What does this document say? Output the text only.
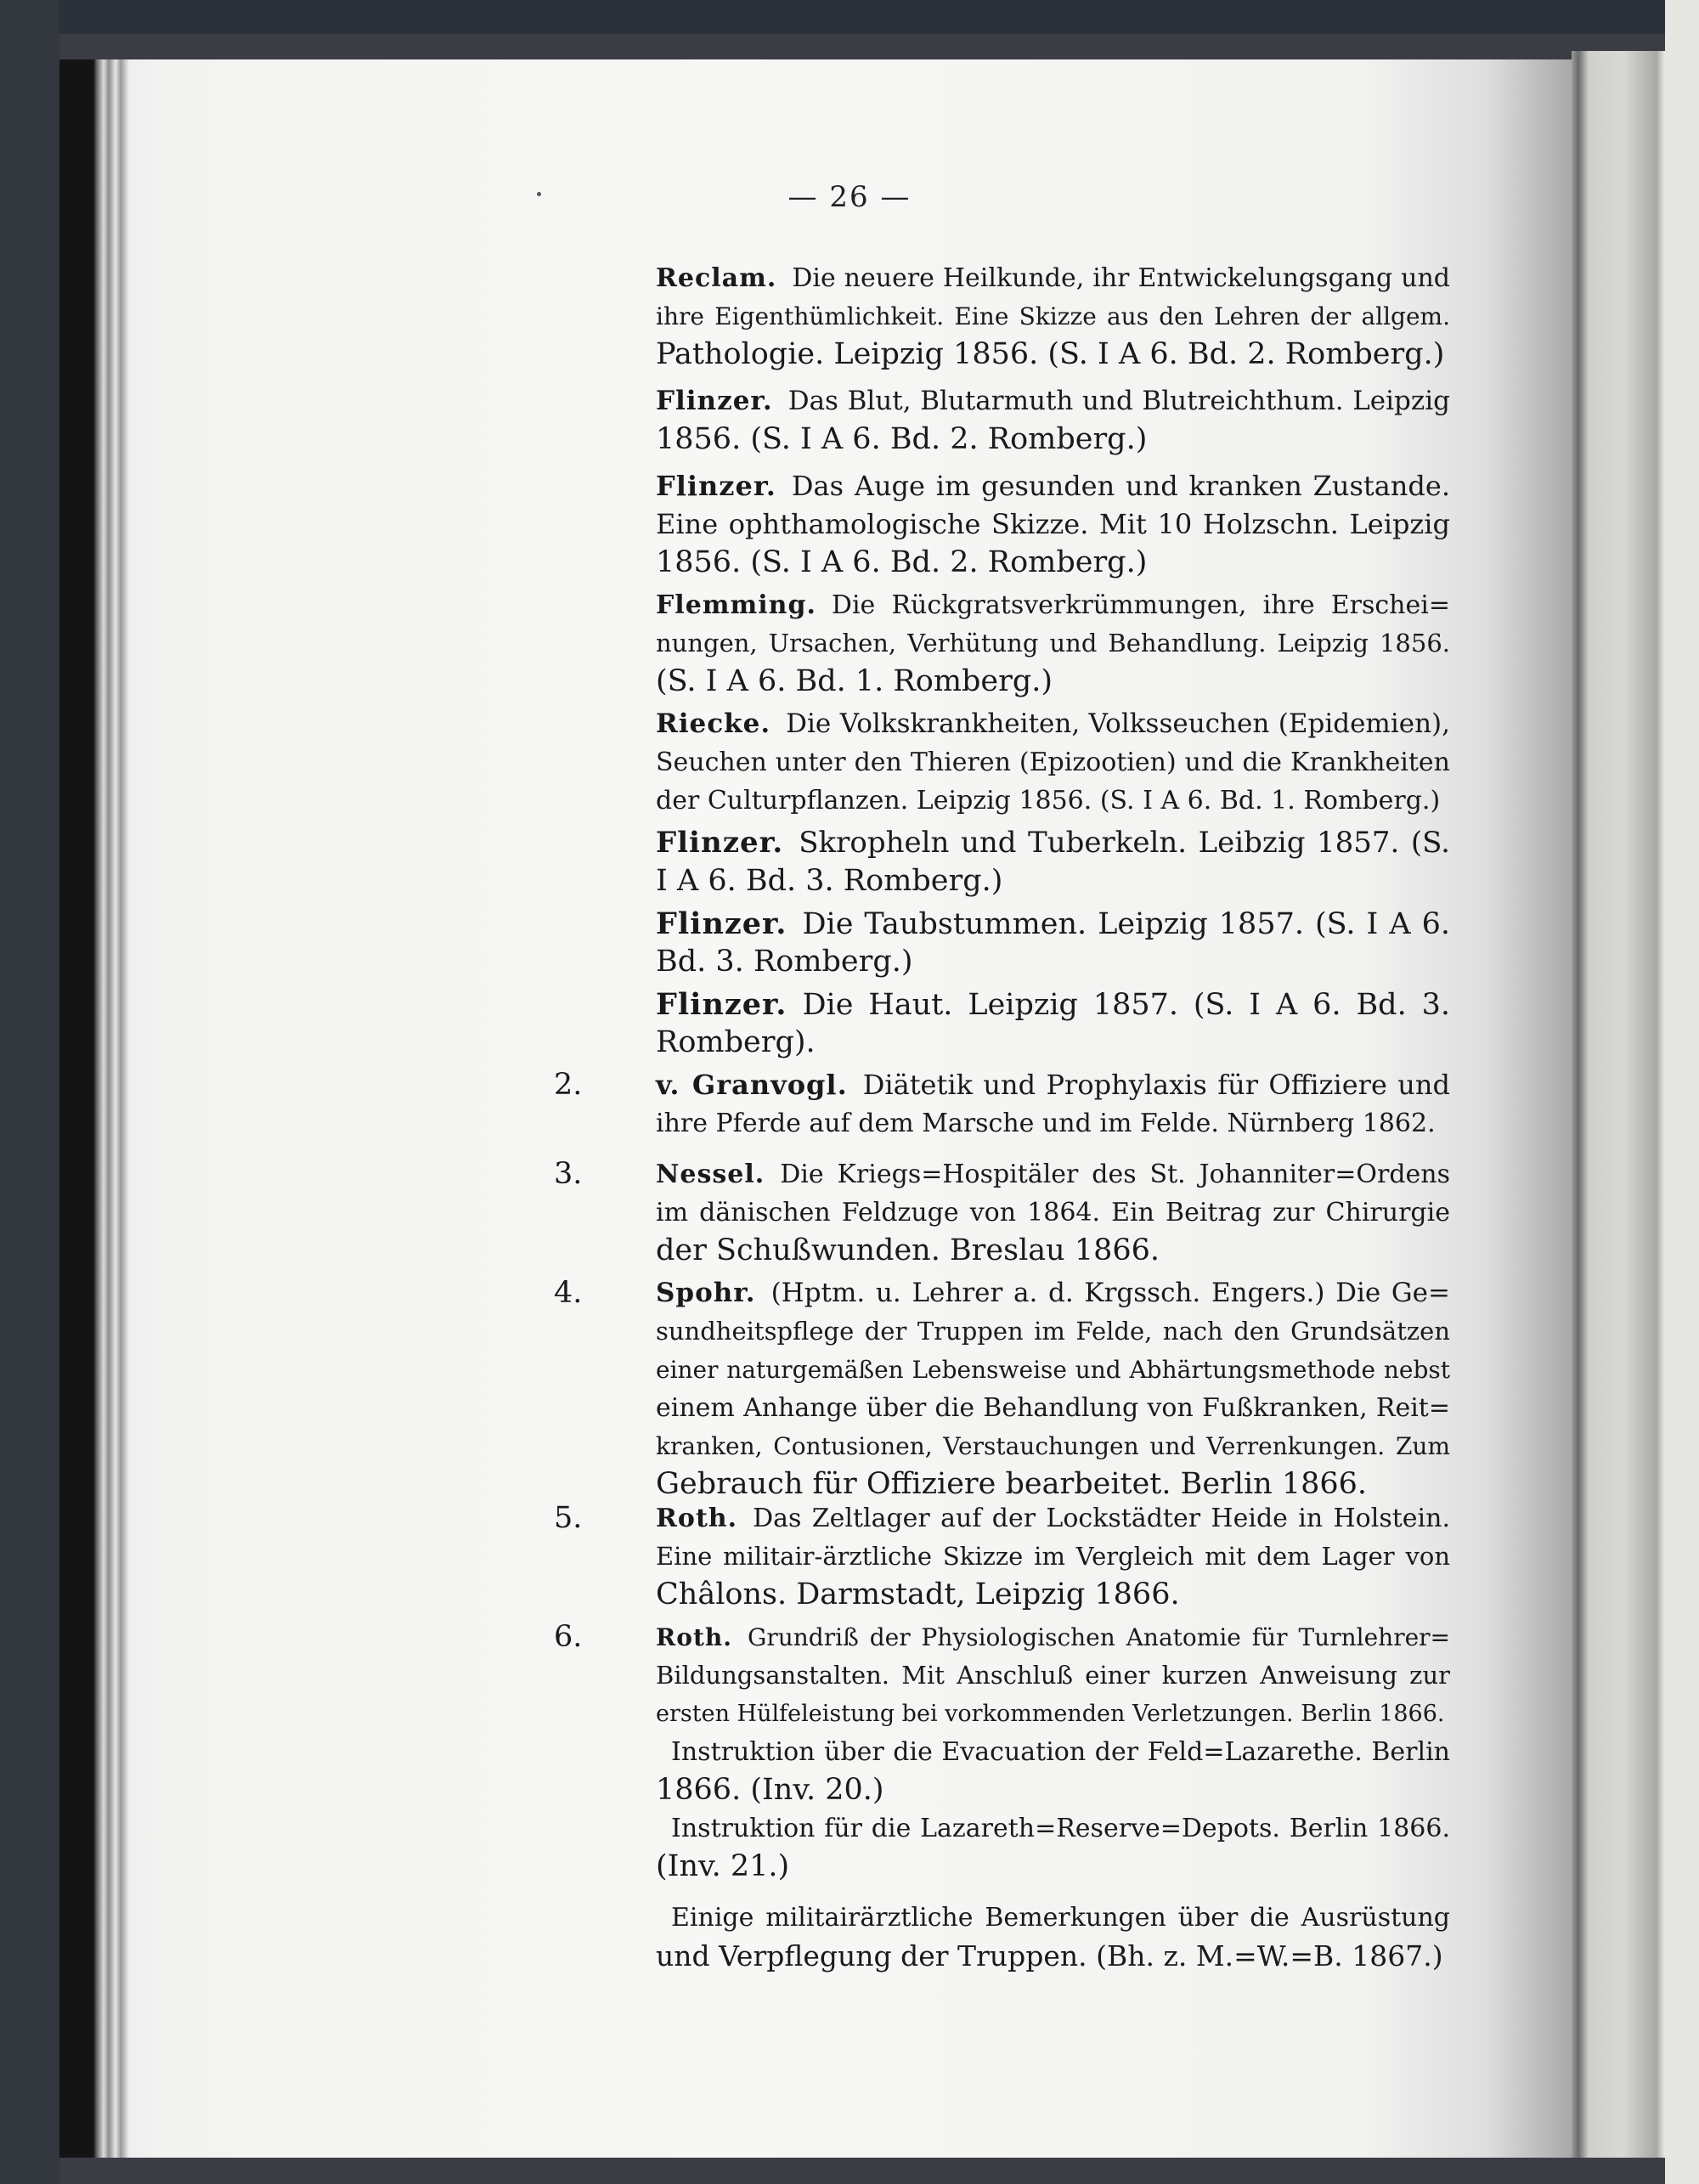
— 26 —
Reclam. Die neuere Heilkunde, ihr Entwickelungsgang und
ihre Eigenthümlichkeit. Eine Skizze aus den Lehren der allgem.
Pathologie. Leipzig 1856. (S. I A 6. Bd. 2. Romberg.)
Flinzer. Das Blut, Blutarmuth und Blutreichthum. Leipzig
1856. (S. I A 6. Bd. 2. Romberg.)
Flinzer. Das Auge im gesunden und kranken Zustande.
Eine ophthamologische Skizze. Mit 10 Holzschn. Leipzig
1856. (S. I A 6. Bd. 2. Romberg.)
Flemming. Die Rückgratsverkrümmungen, ihre Erschei=
nungen, Ursachen, Verhütung und Behandlung. Leipzig 1856.
(S. I A 6. Bd. 1. Romberg.)
Riecke. Die Volkskrankheiten, Volksseuchen (Epidemien),
Seuchen unter den Thieren (Epizootien) und die Krankheiten
der Culturpflanzen. Leipzig 1856. (S. I A 6. Bd. 1. Romberg.)
Flinzer. Skropheln und Tuberkeln. Leibzig 1857. (S.
I A 6. Bd. 3. Romberg.)
Flinzer. Die Taubstummen. Leipzig 1857. (S. I A 6.
Bd. 3. Romberg.)
Flinzer. Die Haut. Leipzig 1857. (S. I A 6. Bd. 3.
Romberg).
2.	v. Granvogl. Diätetik und Prophylaxis für Offiziere und
ihre Pferde auf dem Marsche und im Felde. Nürnberg 1862.
3.	Nessel. Die Kriegs=Hospitäler des St. Johanniter=Ordens
im dänischen Feldzuge von 1864. Ein Beitrag zur Chirurgie
der Schußwunden. Breslau 1866.
4.	Spohr. (Hptm. u. Lehrer a. d. Krgssch. Engers.) Die Ge=
sundheitspflege der Truppen im Felde, nach den Grundsätzen
einer naturgemäßen Lebensweise und Abhärtungsmethode nebst
einem Anhange über die Behandlung von Fußkranken, Reit=
kranken, Contusionen, Verstauchungen und Verrenkungen. Zum
Gebrauch für Offiziere bearbeitet. Berlin 1866.
5.	Roth. Das Zeltlager auf der Lockstädter Heide in Holstein.
Eine militair-ärztliche Skizze im Vergleich mit dem Lager von
Châlons. Darmstadt, Leipzig 1866.
6.	Roth. Grundriß der Physiologischen Anatomie für Turnlehrer=
Bildungsanstalten. Mit Anschluß einer kurzen Anweisung zur
ersten Hülfeleistung bei vorkommenden Verletzungen. Berlin 1866.
Instruktion über die Evacuation der Feld=Lazarethe. Berlin
1866. (Inv. 20.)
Instruktion für die Lazareth=Reserve=Depots. Berlin 1866.
(Inv. 21.)
Einige militairärztliche Bemerkungen über die Ausrüstung
und Verpflegung der Truppen. (Bh. z. M.=W.=B. 1867.)
